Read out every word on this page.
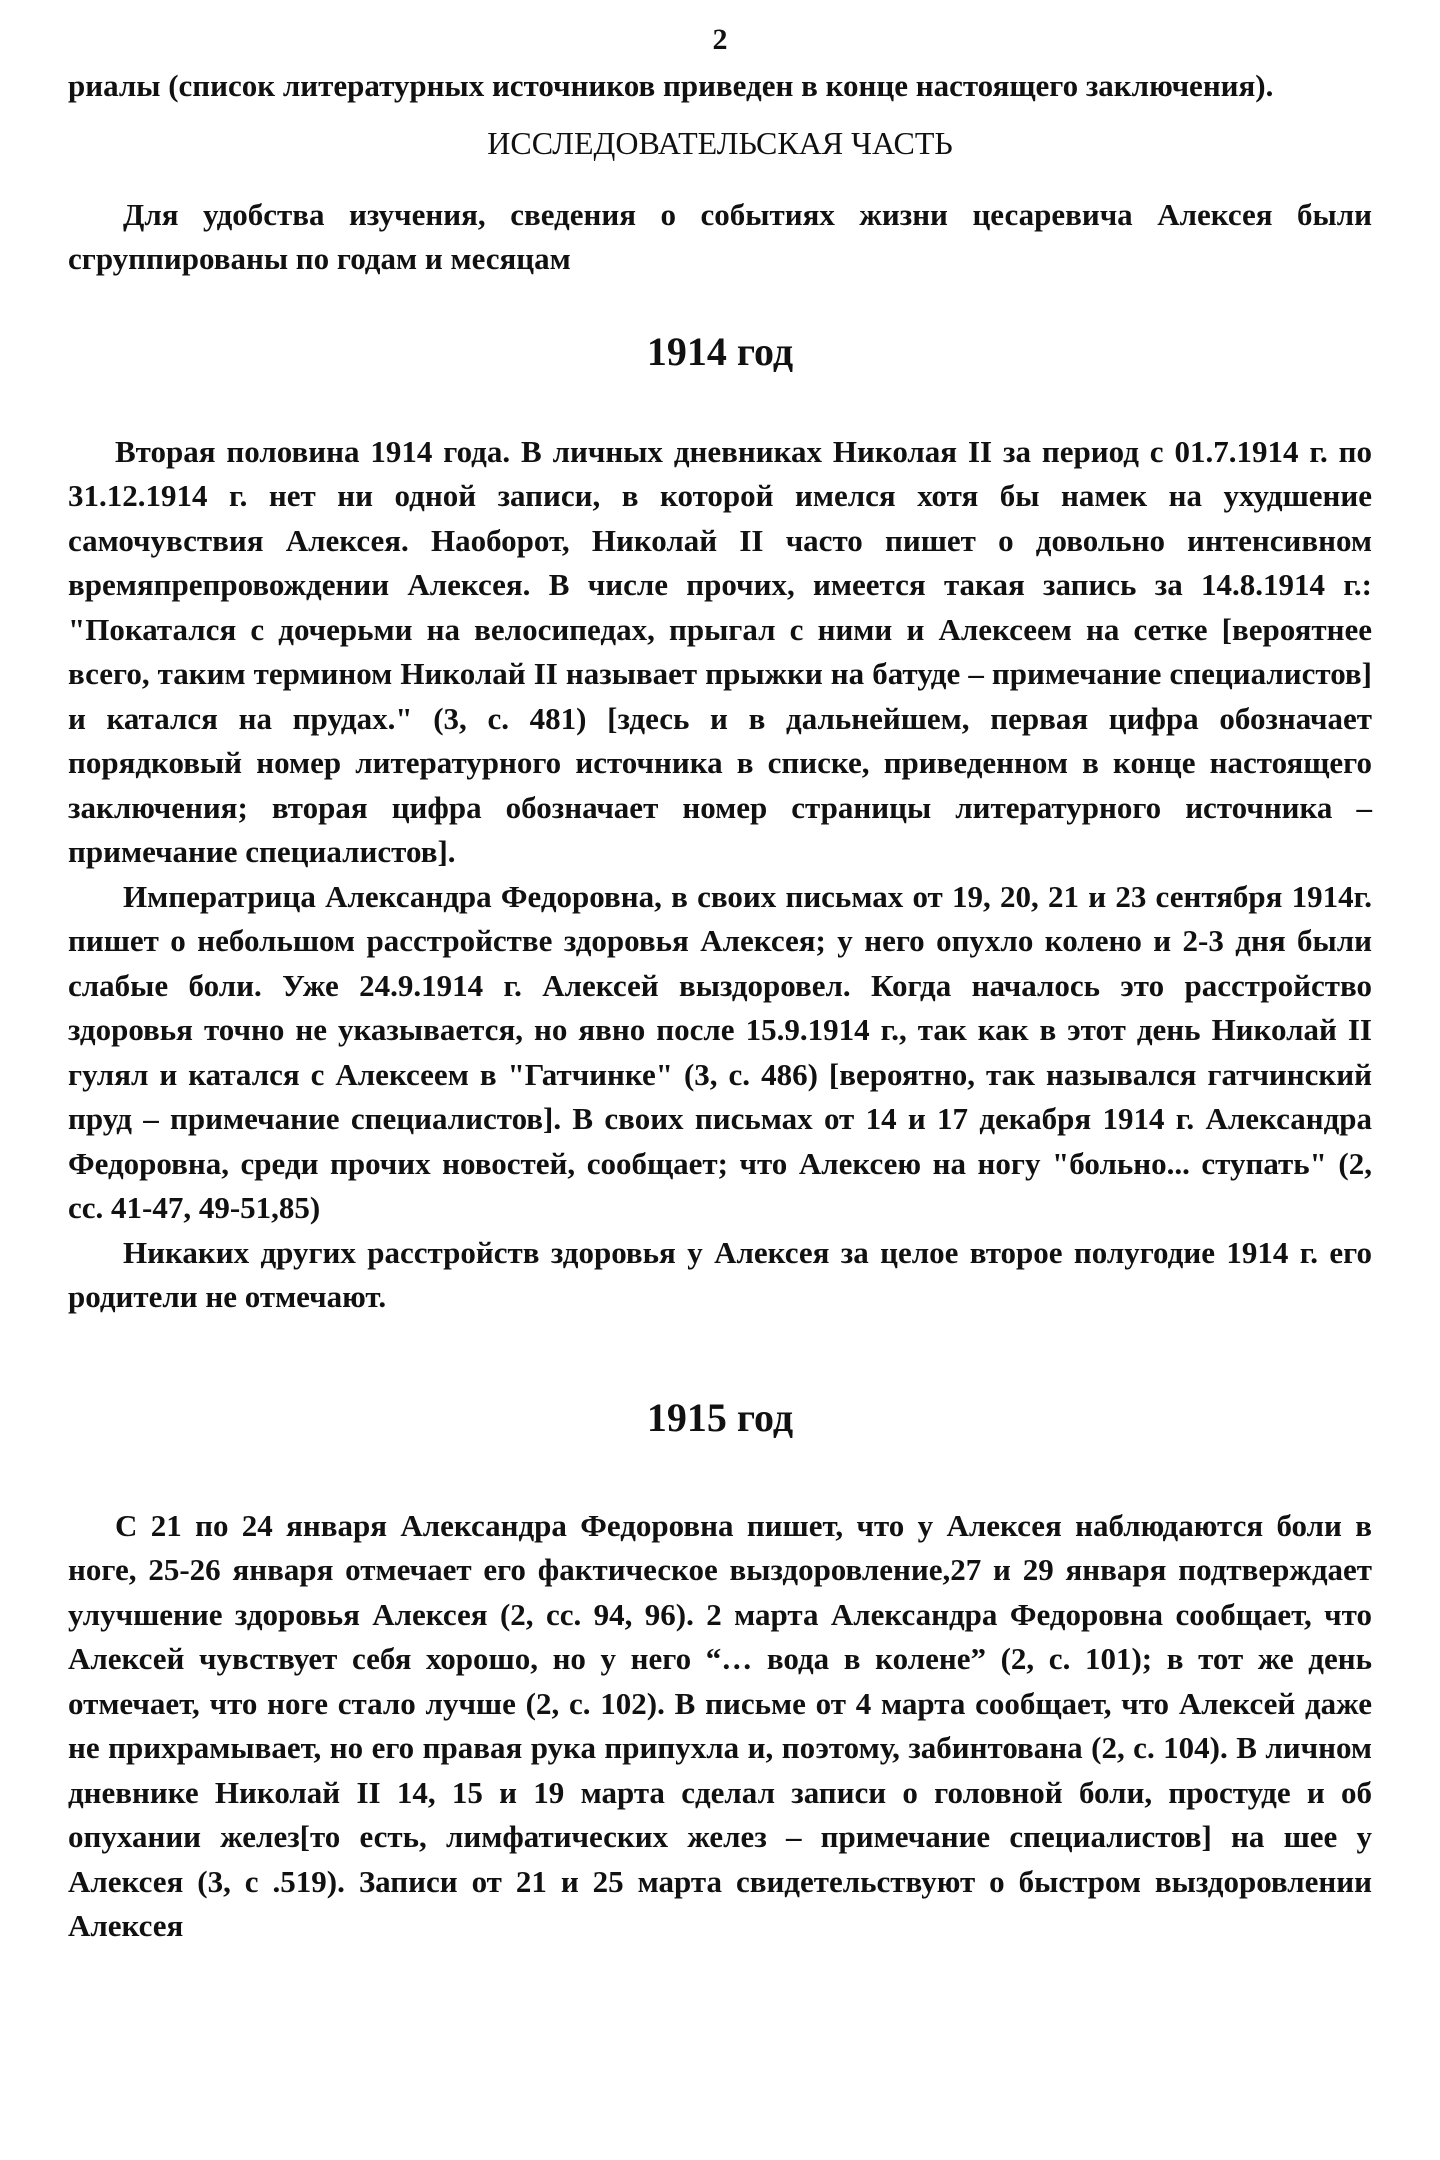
2

риалы (список литературных источников приведен в конце настоящего заключения).

ИССЛЕДОВАТЕЛЬСКАЯ ЧАСТЬ

Для удобства изучения, сведения о событиях жизни цесаревича Алексея были сгруппированы по годам и месяцам

1914 год

Вторая половина 1914 года. В личных дневниках Николая II за период с 01.7.1914 г. по 31.12.1914 г. нет ни одной записи, в которой имелся хотя бы намек на ухудшение самочувствия Алексея. Наоборот, Николай II часто пишет о довольно интенсивном времяпрепровождении Алексея. В числе прочих, имеется такая запись за 14.8.1914 г.: "Покатался с дочерьми на велосипедах, прыгал с ними и Алексеем на сетке [вероятнее всего, таким термином Николай II называет прыжки на батуде – примечание специалистов] и катался на прудах." (3, с. 481) [здесь и в дальнейшем, первая цифра обозначает порядковый номер литературного источника в списке, приведенном в конце настоящего заключения; вторая цифра обозначает номер страницы литературного источника – примечание специалистов].

Императрица Александра Федоровна, в своих письмах от 19, 20, 21 и 23 сентября 1914г. пишет о небольшом расстройстве здоровья Алексея; у него опухло колено и 2-3 дня были слабые боли. Уже 24.9.1914 г. Алексей выздоровел. Когда началось это расстройство здоровья точно не указывается, но явно после 15.9.1914 г., так как в этот день Николай II гулял и катался с Алексеем в "Гатчинке" (3, с. 486) [вероятно, так назывался гатчинский пруд – примечание специалистов]. В своих письмах от 14 и 17 декабря 1914 г. Александра Федоровна, среди прочих новостей, сообщает; что Алексею на ногу "больно... ступать" (2, сс. 41-47, 49-51,85)

Никаких других расстройств здоровья у Алексея за целое второе полугодие 1914 г. его родители не отмечают.

1915 год

С 21 по 24 января Александра Федоровна пишет, что у Алексея наблюдаются боли в ноге, 25-26 января отмечает его фактическое выздоровление,27 и 29 января подтверждает улучшение здоровья Алексея (2, сс. 94, 96). 2 марта Александра Федоровна сообщает, что Алексей чувствует себя хорошо, но у него “… вода в колене” (2, с. 101); в тот же день отмечает, что ноге стало лучше (2, с. 102). В письме от 4 марта сообщает, что Алексей даже не прихрамывает, но его правая рука припухла и, поэтому, забинтована (2, с. 104). В личном дневнике Николай II 14, 15 и 19 марта сделал записи о головной боли, простуде и об опухании желез[то есть, лимфатических желез – примечание специалистов] на шее у Алексея (3, с .519). Записи от 21 и 25 марта свидетельствуют о быстром выздоровлении Алексея
